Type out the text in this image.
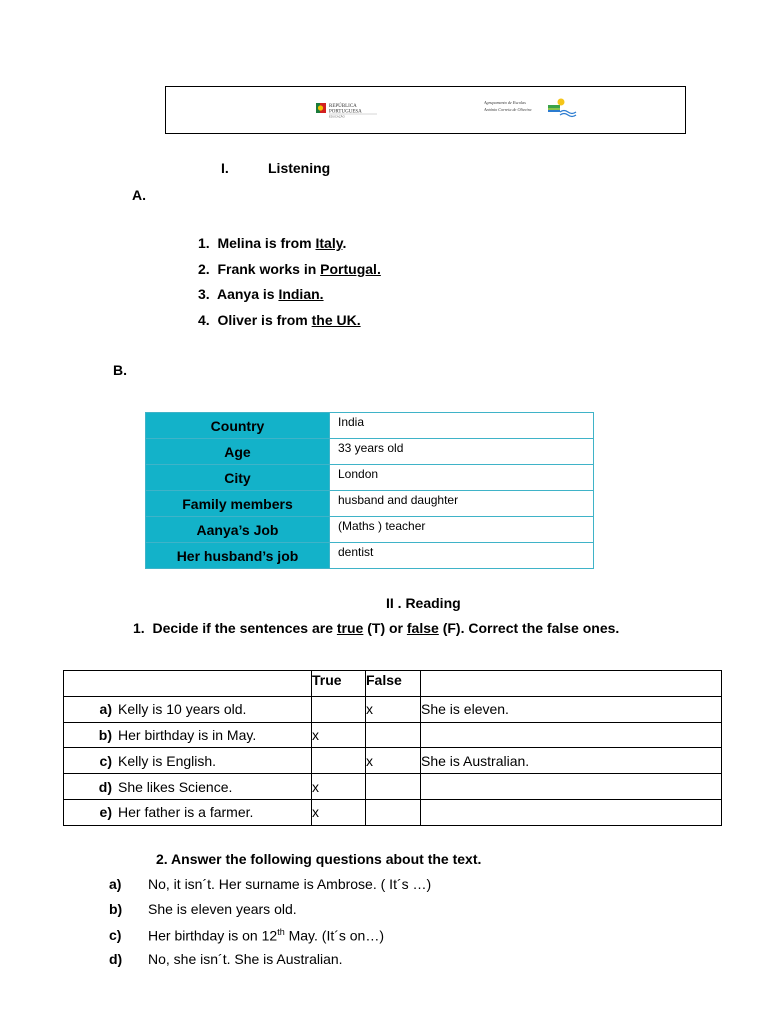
REPÚBLICA
PORTUGUESA
EDUCAÇÃO
Agrupamento de Escolas
António Correia de Oliveira
I.	Listening
A.
1. Melina is from Italy.
2. Frank works in Portugal.
3. Aanya is Indian.
4. Oliver is from the UK.
B.
Country	India
Age	33 years old
City	London
Family members	husband and daughter
Aanya’s Job	(Maths ) teacher
Her husband’s job	dentist
II . Reading
1. Decide if the sentences are true (T) or false (F). Correct the false ones.
	True	False	
a) Kelly is 10 years old.		x	She is eleven.
b) Her birthday is in May.	x		
c) Kelly is English.		x	She is Australian.
d) She likes Science.	x		
e) Her father is a farmer.	x		
2. Answer the following questions about the text.
a) No, it isn´t. Her surname is Ambrose. ( It´s …)
b) She is eleven years old.
c) Her birthday is on 12th May. (It´s on…)
d) No, she isn´t. She is Australian.
